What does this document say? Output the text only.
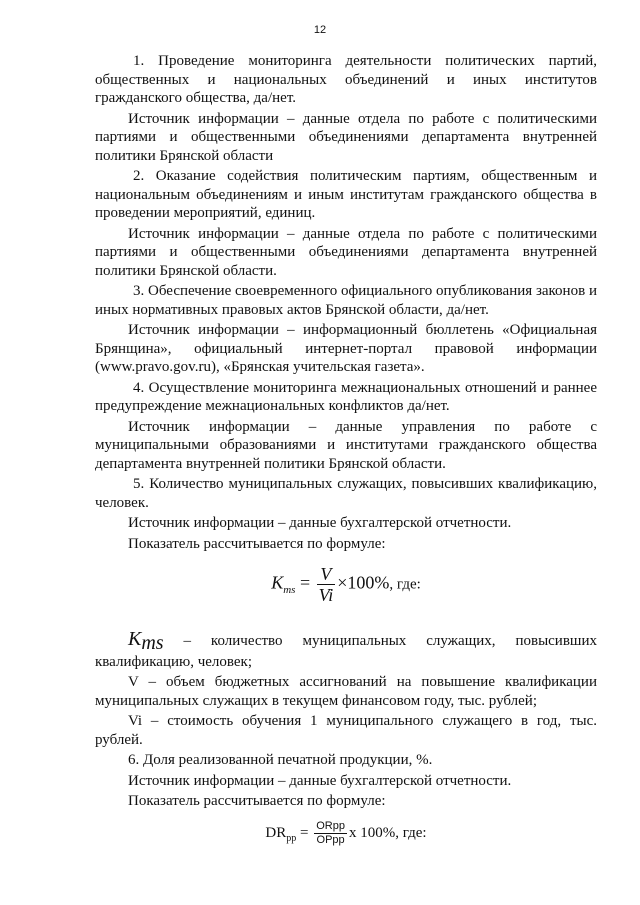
12

1. Проведение мониторинга деятельности политических партий, общественных и национальных объединений и иных институтов гражданского общества, да/нет.

Источник информации – данные отдела по работе с политическими партиями и общественными объединениями департамента внутренней политики Брянской области

2. Оказание содействия политическим партиям, общественным и национальным объединениям и иным институтам гражданского общества в проведении мероприятий, единиц.

Источник информации – данные отдела по работе с политическими партиями и общественными объединениями департамента внутренней политики Брянской области.

3. Обеспечение своевременного официального опубликования законов и иных нормативных правовых актов Брянской области, да/нет.

Источник информации – информационный бюллетень «Официальная Брянщина», официальный интернет-портал правовой информации (www.pravo.gov.ru), «Брянская учительская газета».

4. Осуществление мониторинга межнациональных отношений и раннее предупреждение межнациональных конфликтов да/нет.

Источник информации – данные управления по работе с муниципальными образованиями и институтами гражданского общества департамента внутренней политики Брянской области.

5. Количество муниципальных служащих, повысивших квалификацию, человек.

Источник информации – данные бухгалтерской отчетности.

Показатель рассчитывается по формуле:

$K_{ms} = \frac{V}{Vi} \times 100\%$, где:

$K_{ms}$ – количество муниципальных служащих, повысивших квалификацию, человек;

V – объем бюджетных ассигнований на повышение квалификации муниципальных служащих в текущем финансовом году, тыс. рублей;

Vi – стоимость обучения 1 муниципального служащего в год, тыс. рублей.

6. Доля реализованной печатной продукции, %.

Источник информации – данные бухгалтерской отчетности.

Показатель рассчитывается по формуле:

$DR_{pp} = \frac{\text{ORpp}}{\text{OPpp}}$ x 100%, где:
